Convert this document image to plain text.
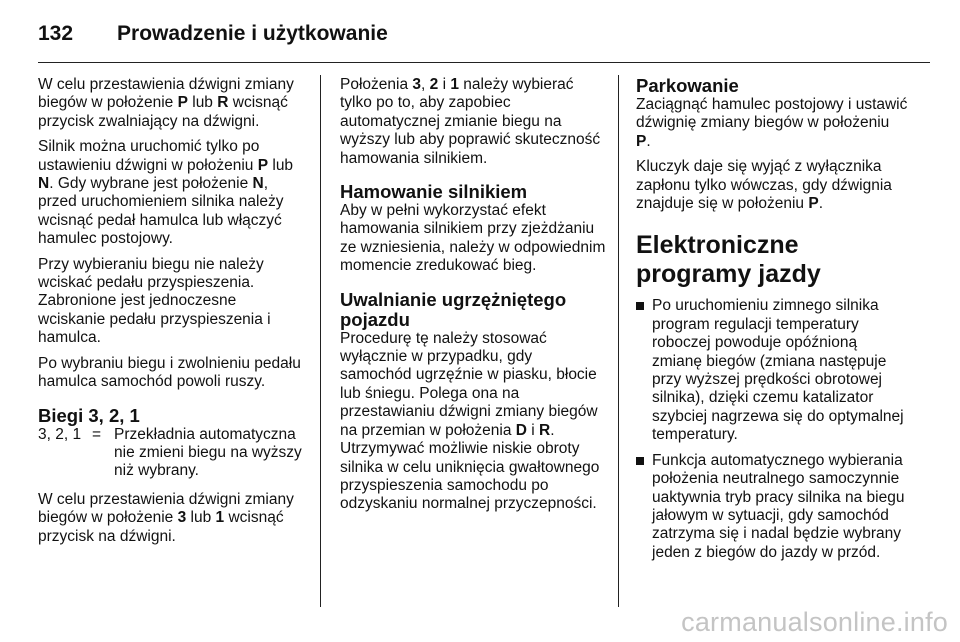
132 Prowadzenie i użytkowanie

W celu przestawienia dźwigni zmiany biegów w położenie P lub R wcisnąć przycisk zwalniający na dźwigni.

Silnik można uruchomić tylko po ustawieniu dźwigni w położeniu P lub N. Gdy wybrane jest położenie N, przed uruchomieniem silnika należy wcisnąć pedał hamulca lub włączyć hamulec postojowy.

Przy wybieraniu biegu nie należy wciskać pedału przyspieszenia. Zabronione jest jednoczesne wciskanie pedału przyspieszenia i hamulca.

Po wybraniu biegu i zwolnieniu pedału hamulca samochód powoli ruszy.

Biegi 3, 2, 1
3, 2, 1 = Przekładnia automatyczna nie zmieni biegu na wyższy niż wybrany.

W celu przestawienia dźwigni zmiany biegów w położenie 3 lub 1 wcisnąć przycisk na dźwigni.

Położenia 3, 2 i 1 należy wybierać tylko po to, aby zapobiec automatycznej zmianie biegu na wyższy lub aby poprawić skuteczność hamowania silnikiem.

Hamowanie silnikiem

Aby w pełni wykorzystać efekt hamowania silnikiem przy zjeżdżaniu ze wzniesienia, należy w odpowiednim momencie zredukować bieg.

Uwalnianie ugrzężniętego pojazdu

Procedurę tę należy stosować wyłącznie w przypadku, gdy samochód ugrzęźnie w piasku, błocie lub śniegu. Polega ona na przestawianiu dźwigni zmiany biegów na przemian w położenia D i R. Utrzymywać możliwie niskie obroty silnika w celu uniknięcia gwałtownego przyspieszenia samochodu po odzyskaniu normalnej przyczepności.

Parkowanie

Zaciągnąć hamulec postojowy i ustawić dźwignię zmiany biegów w położeniu P.

Kluczyk daje się wyjąć z wyłącznika zapłonu tylko wówczas, gdy dźwignia znajduje się w położeniu P.

Elektroniczne programy jazdy
Po uruchomieniu zimnego silnika program regulacji temperatury roboczej powoduje opóźnioną zmianę biegów (zmiana następuje przy wyższej prędkości obrotowej silnika), dzięki czemu katalizator szybciej nagrzewa się do optymalnej temperatury.
Funkcja automatycznego wybierania położenia neutralnego samoczynnie uaktywnia tryb pracy silnika na biegu jałowym w sytuacji, gdy samochód zatrzyma się i nadal będzie wybrany jeden z biegów do jazdy w przód.
carmanualsonline.info
